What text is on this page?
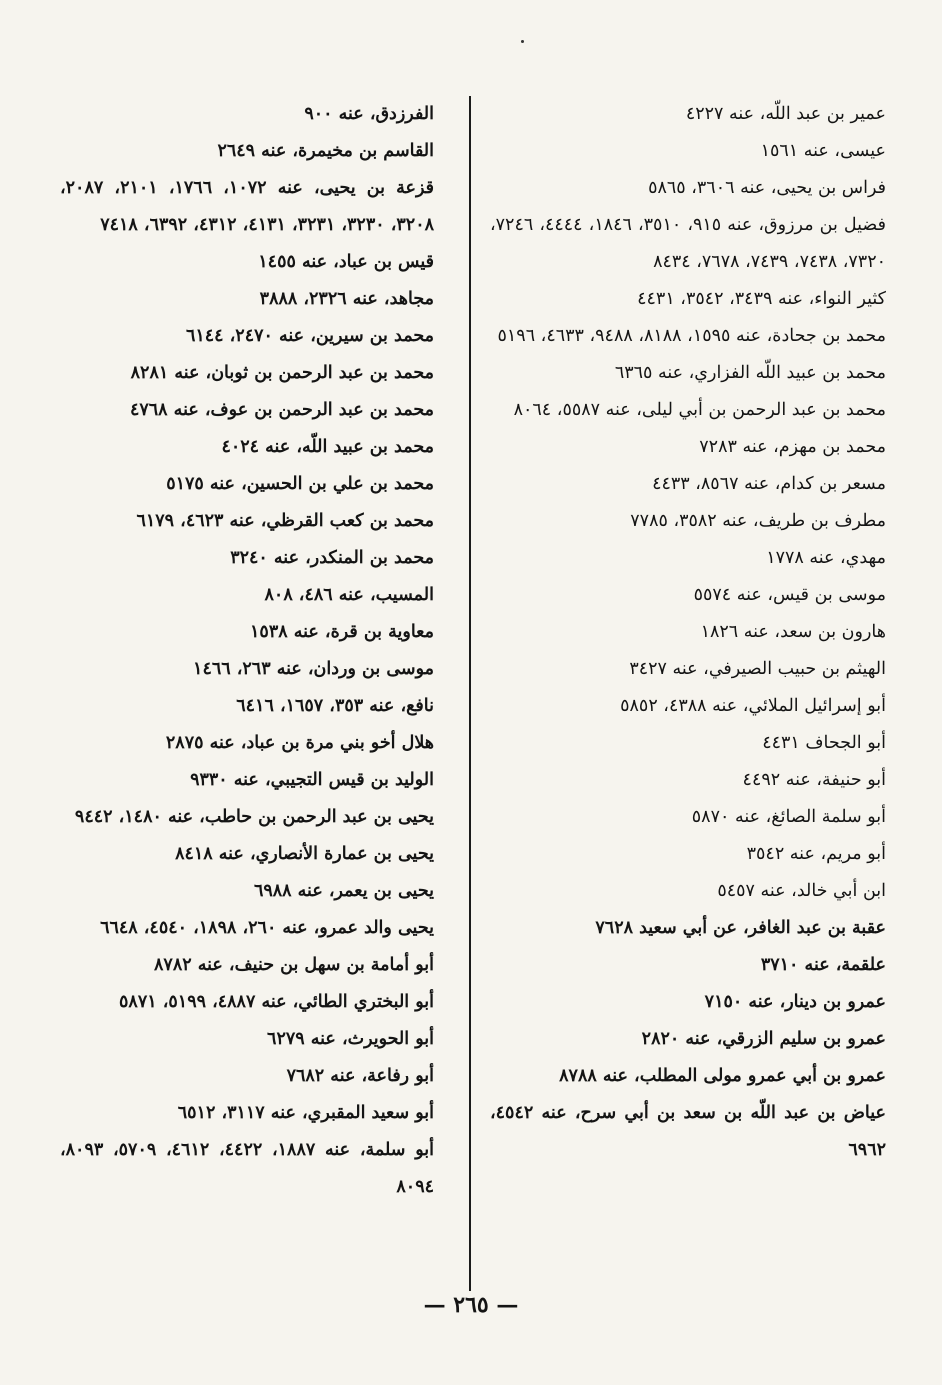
عمير بن عبد اللّه، عنه ٤٢٢٧

عيسى، عنه ١٥٦١

فراس بن يحيى، عنه ٣٦٠٦، ٥٨٦٥

فضيل بن مرزوق، عنه ٩١٥، ٣٥١٠، ١٨٤٦، ٤٤٤٤، ٧٢٤٦، ٧٣٢٠، ٧٤٣٨، ٧٤٣٩، ٧٦٧٨، ٨٤٣٤

كثير النواء، عنه ٣٤٣٩، ٣٥٤٢، ٤٤٣١

محمد بن جحادة، عنه ١٥٩٥، ٨١٨٨، ٩٤٨٨، ٤٦٣٣، ٥١٩٦

محمد بن عبيد اللّه الفزاري، عنه ٦٣٦٥

محمد بن عبد الرحمن بن أبي ليلى، عنه ٥٥٨٧، ٨٠٦٤

محمد بن مهزم، عنه ٧٢٨٣

مسعر بن كدام، عنه ٨٥٦٧، ٤٤٣٣

مطرف بن طريف، عنه ٣٥٨٢، ٧٧٨٥

مهدي، عنه ١٧٧٨

موسى بن قيس، عنه ٥٥٧٤

هارون بن سعد، عنه ١٨٢٦

الهيثم بن حبيب الصيرفي، عنه ٣٤٢٧

أبو إسرائيل الملائي، عنه ٤٣٨٨، ٥٨٥٢

أبو الجحاف ٤٤٣١

أبو حنيفة، عنه ٤٤٩٢

أبو سلمة الصائغ، عنه ٥٨٧٠

أبو مريم، عنه ٣٥٤٢

ابن أبي خالد، عنه ٥٤٥٧

عقبة بن عبد الغافر، عن أبي سعيد ٧٦٢٨

علقمة، عنه ٣٧١٠

عمرو بن دينار، عنه ٧١٥٠

عمرو بن سليم الزرقي، عنه ٢٨٢٠

عمرو بن أبي عمرو مولى المطلب، عنه ٨٧٨٨

عياض بن عبد اللّه بن سعد بن أبي سرح، عنه ٤٥٤٢، ٦٩٦٢

الفرزدق، عنه ٩٠٠

القاسم بن مخيمرة، عنه ٢٦٤٩

قزعة بن يحيى، عنه ١٠٧٢، ١٧٦٦، ٢١٠١، ٢٠٨٧، ٣٢٠٨، ٣٢٣٠، ٣٢٣١، ٤١٣١، ٤٣١٢، ٦٣٩٢، ٧٤١٨

قيس بن عباد، عنه ١٤٥٥

مجاهد، عنه ٢٣٢٦، ٣٨٨٨

محمد بن سيرين، عنه ٢٤٧٠، ٦١٤٤

محمد بن عبد الرحمن بن ثوبان، عنه ٨٢٨١

محمد بن عبد الرحمن بن عوف، عنه ٤٧٦٨

محمد بن عبيد اللّه، عنه ٤٠٢٤

محمد بن علي بن الحسين، عنه ٥١٧٥

محمد بن كعب القرظي، عنه ٤٦٢٣، ٦١٧٩

محمد بن المنكدر، عنه ٣٢٤٠

المسيب، عنه ٤٨٦، ٨٠٨

معاوية بن قرة، عنه ١٥٣٨

موسى بن وردان، عنه ٢٦٣، ١٤٦٦

نافع، عنه ٣٥٣، ١٦٥٧، ٦٤١٦

هلال أخو بني مرة بن عباد، عنه ٢٨٧٥

الوليد بن قيس التجيبي، عنه ٩٣٣٠

يحيى بن عبد الرحمن بن حاطب، عنه ١٤٨٠، ٩٤٤٢

يحيى بن عمارة الأنصاري، عنه ٨٤١٨

يحيى بن يعمر، عنه ٦٩٨٨

يحيى والد عمرو، عنه ٢٦٠، ١٨٩٨، ٤٥٤٠، ٦٦٤٨

أبو أمامة بن سهل بن حنيف، عنه ٨٧٨٢

أبو البختري الطائي، عنه ٤٨٨٧، ٥١٩٩، ٥٨٧١

أبو الحويرث، عنه ٦٢٧٩

أبو رفاعة، عنه ٧٦٨٢

أبو سعيد المقبري، عنه ٣١١٧، ٦٥١٢

أبو سلمة، عنه ١٨٨٧، ٤٤٢٢، ٤٦١٢، ٥٧٠٩، ٨٠٩٣، ٨٠٩٤

— ٢٦٥ —
